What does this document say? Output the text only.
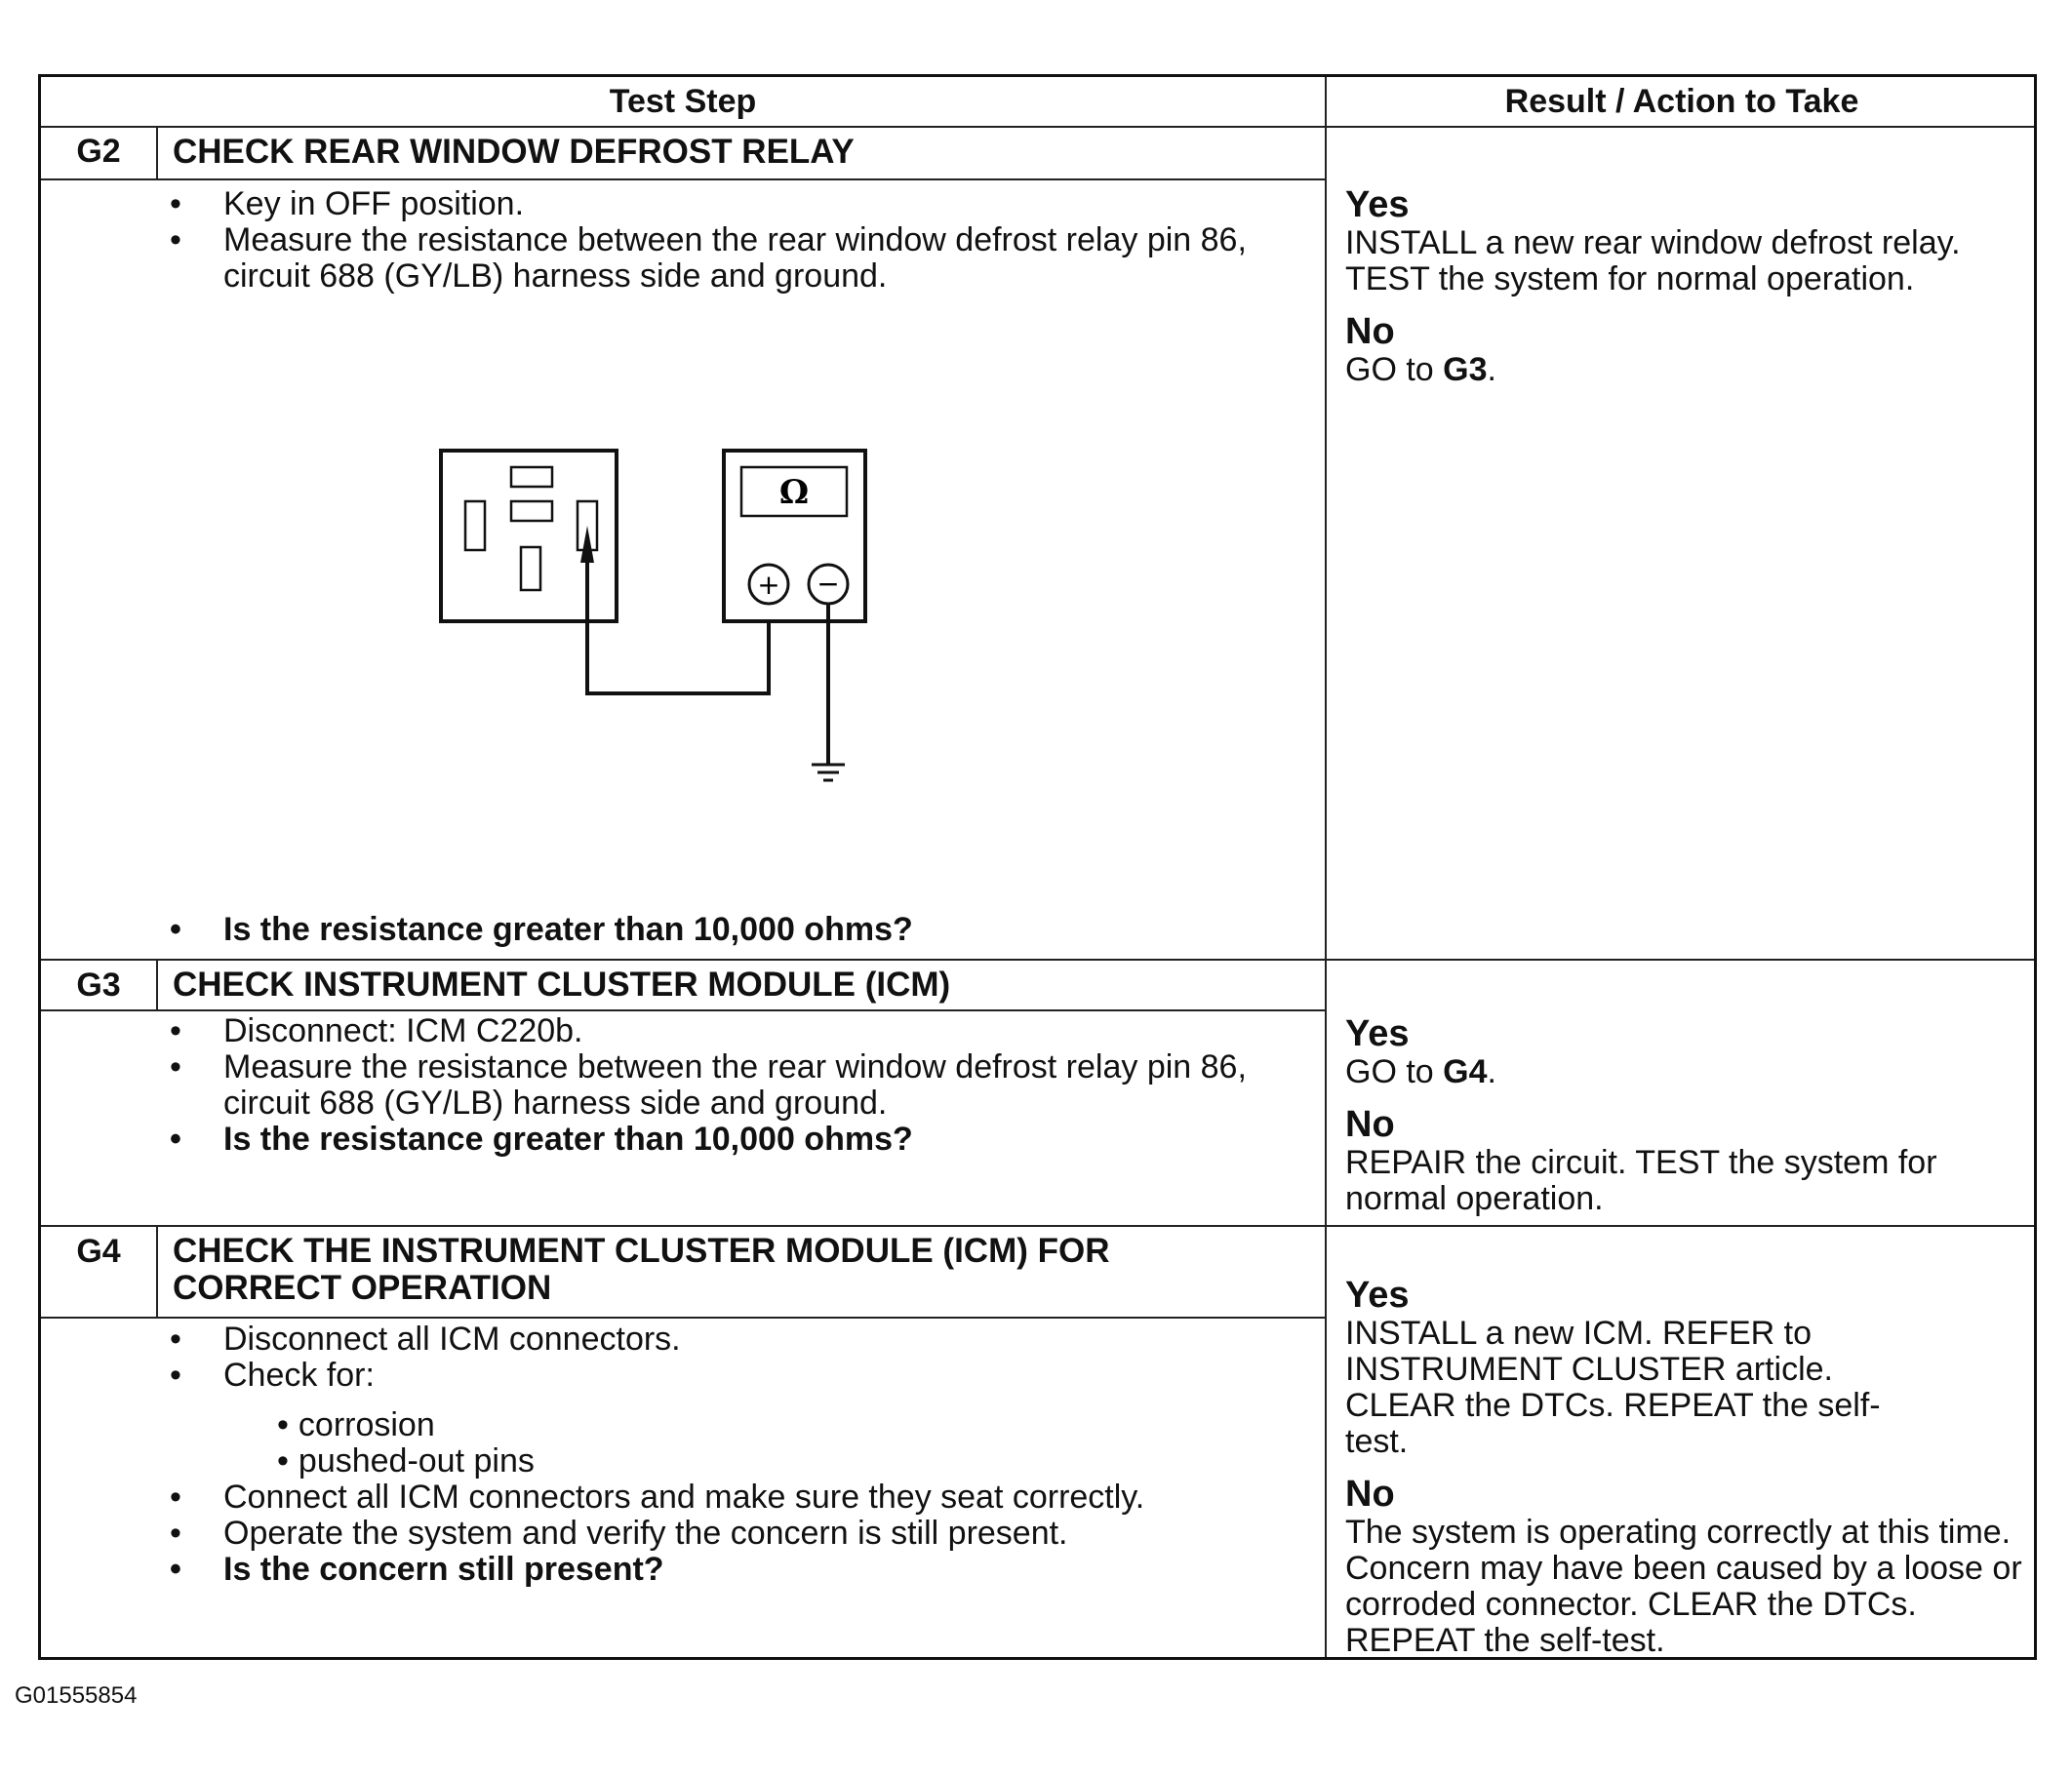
Test Step	Result / Action to Take
G2	CHECK REAR WINDOW DEFROST RELAY
• Key in OFF position.
• Measure the resistance between the rear window defrost relay pin 86, circuit 688 (GY/LB) harness side and ground.
Ω
+ −
• Is the resistance greater than 10,000 ohms?
Yes
INSTALL a new rear window defrost relay. TEST the system for normal operation.
No
GO to G3.
G3	CHECK INSTRUMENT CLUSTER MODULE (ICM)
• Disconnect: ICM C220b.
• Measure the resistance between the rear window defrost relay pin 86, circuit 688 (GY/LB) harness side and ground.
• Is the resistance greater than 10,000 ohms?
Yes
GO to G4.
No
REPAIR the circuit. TEST the system for normal operation.
G4	CHECK THE INSTRUMENT CLUSTER MODULE (ICM) FOR CORRECT OPERATION
• Disconnect all ICM connectors.
• Check for:
• corrosion
• pushed-out pins
• Connect all ICM connectors and make sure they seat correctly.
• Operate the system and verify the concern is still present.
• Is the concern still present?
Yes
INSTALL a new ICM. REFER to INSTRUMENT CLUSTER article.
CLEAR the DTCs. REPEAT the self-test.
No
The system is operating correctly at this time. Concern may have been caused by a loose or corroded connector. CLEAR the DTCs. REPEAT the self-test.
G01555854
